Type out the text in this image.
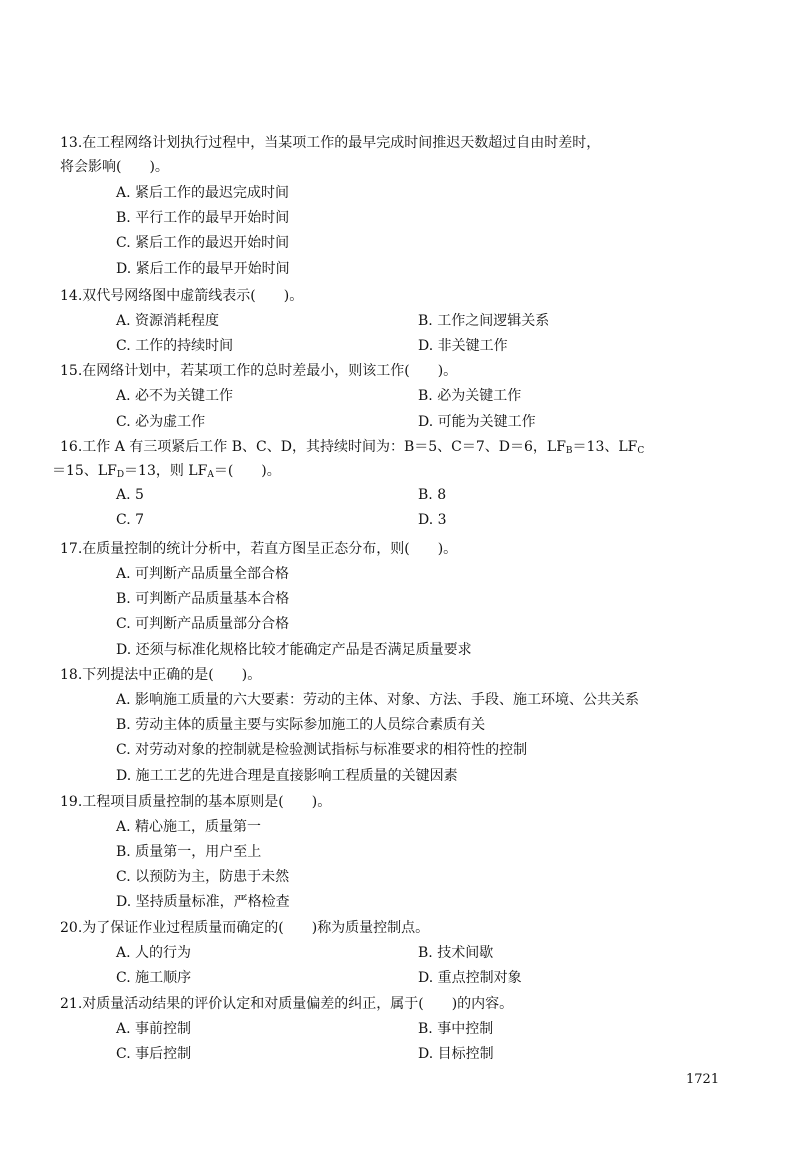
13.在工程网络计划执行过程中，当某项工作的最早完成时间推迟天数超过自由时差时，
将会影响(　　)。
A. 紧后工作的最迟完成时间
B. 平行工作的最早开始时间
C. 紧后工作的最迟开始时间
D. 紧后工作的最早开始时间
14.双代号网络图中虚箭线表示(　　)。
A. 资源消耗程度	B. 工作之间逻辑关系
C. 工作的持续时间	D. 非关键工作
15.在网络计划中，若某项工作的总时差最小，则该工作(　　)。
A. 必不为关键工作	B. 必为关键工作
C. 必为虚工作	D. 可能为关键工作
16.工作 A 有三项紧后工作 B、C、D，其持续时间为：B＝5、C＝7、D＝6，$LF_B=13$、$LF_C$
＝15、$LF_D=13$，则 $LF_A=$(　　)。
A. 5	B. 8
C. 7	D. 3
17.在质量控制的统计分析中，若直方图呈正态分布，则(　　)。
A. 可判断产品质量全部合格
B. 可判断产品质量基本合格
C. 可判断产品质量部分合格
D. 还须与标准化规格比较才能确定产品是否满足质量要求
18.下列提法中正确的是(　　)。
A. 影响施工质量的六大要素：劳动的主体、对象、方法、手段、施工环境、公共关系
B. 劳动主体的质量主要与实际参加施工的人员综合素质有关
C. 对劳动对象的控制就是检验测试指标与标准要求的相符性的控制
D. 施工工艺的先进合理是直接影响工程质量的关键因素
19.工程项目质量控制的基本原则是(　　)。
A. 精心施工，质量第一
B. 质量第一，用户至上
C. 以预防为主，防患于未然
D. 坚持质量标准，严格检查
20.为了保证作业过程质量而确定的(　　)称为质量控制点。
A. 人的行为	B. 技术间歇
C. 施工顺序	D. 重点控制对象
21.对质量活动结果的评价认定和对质量偏差的纠正，属于(　　)的内容。
A. 事前控制	B. 事中控制
C. 事后控制	D. 目标控制
1721
